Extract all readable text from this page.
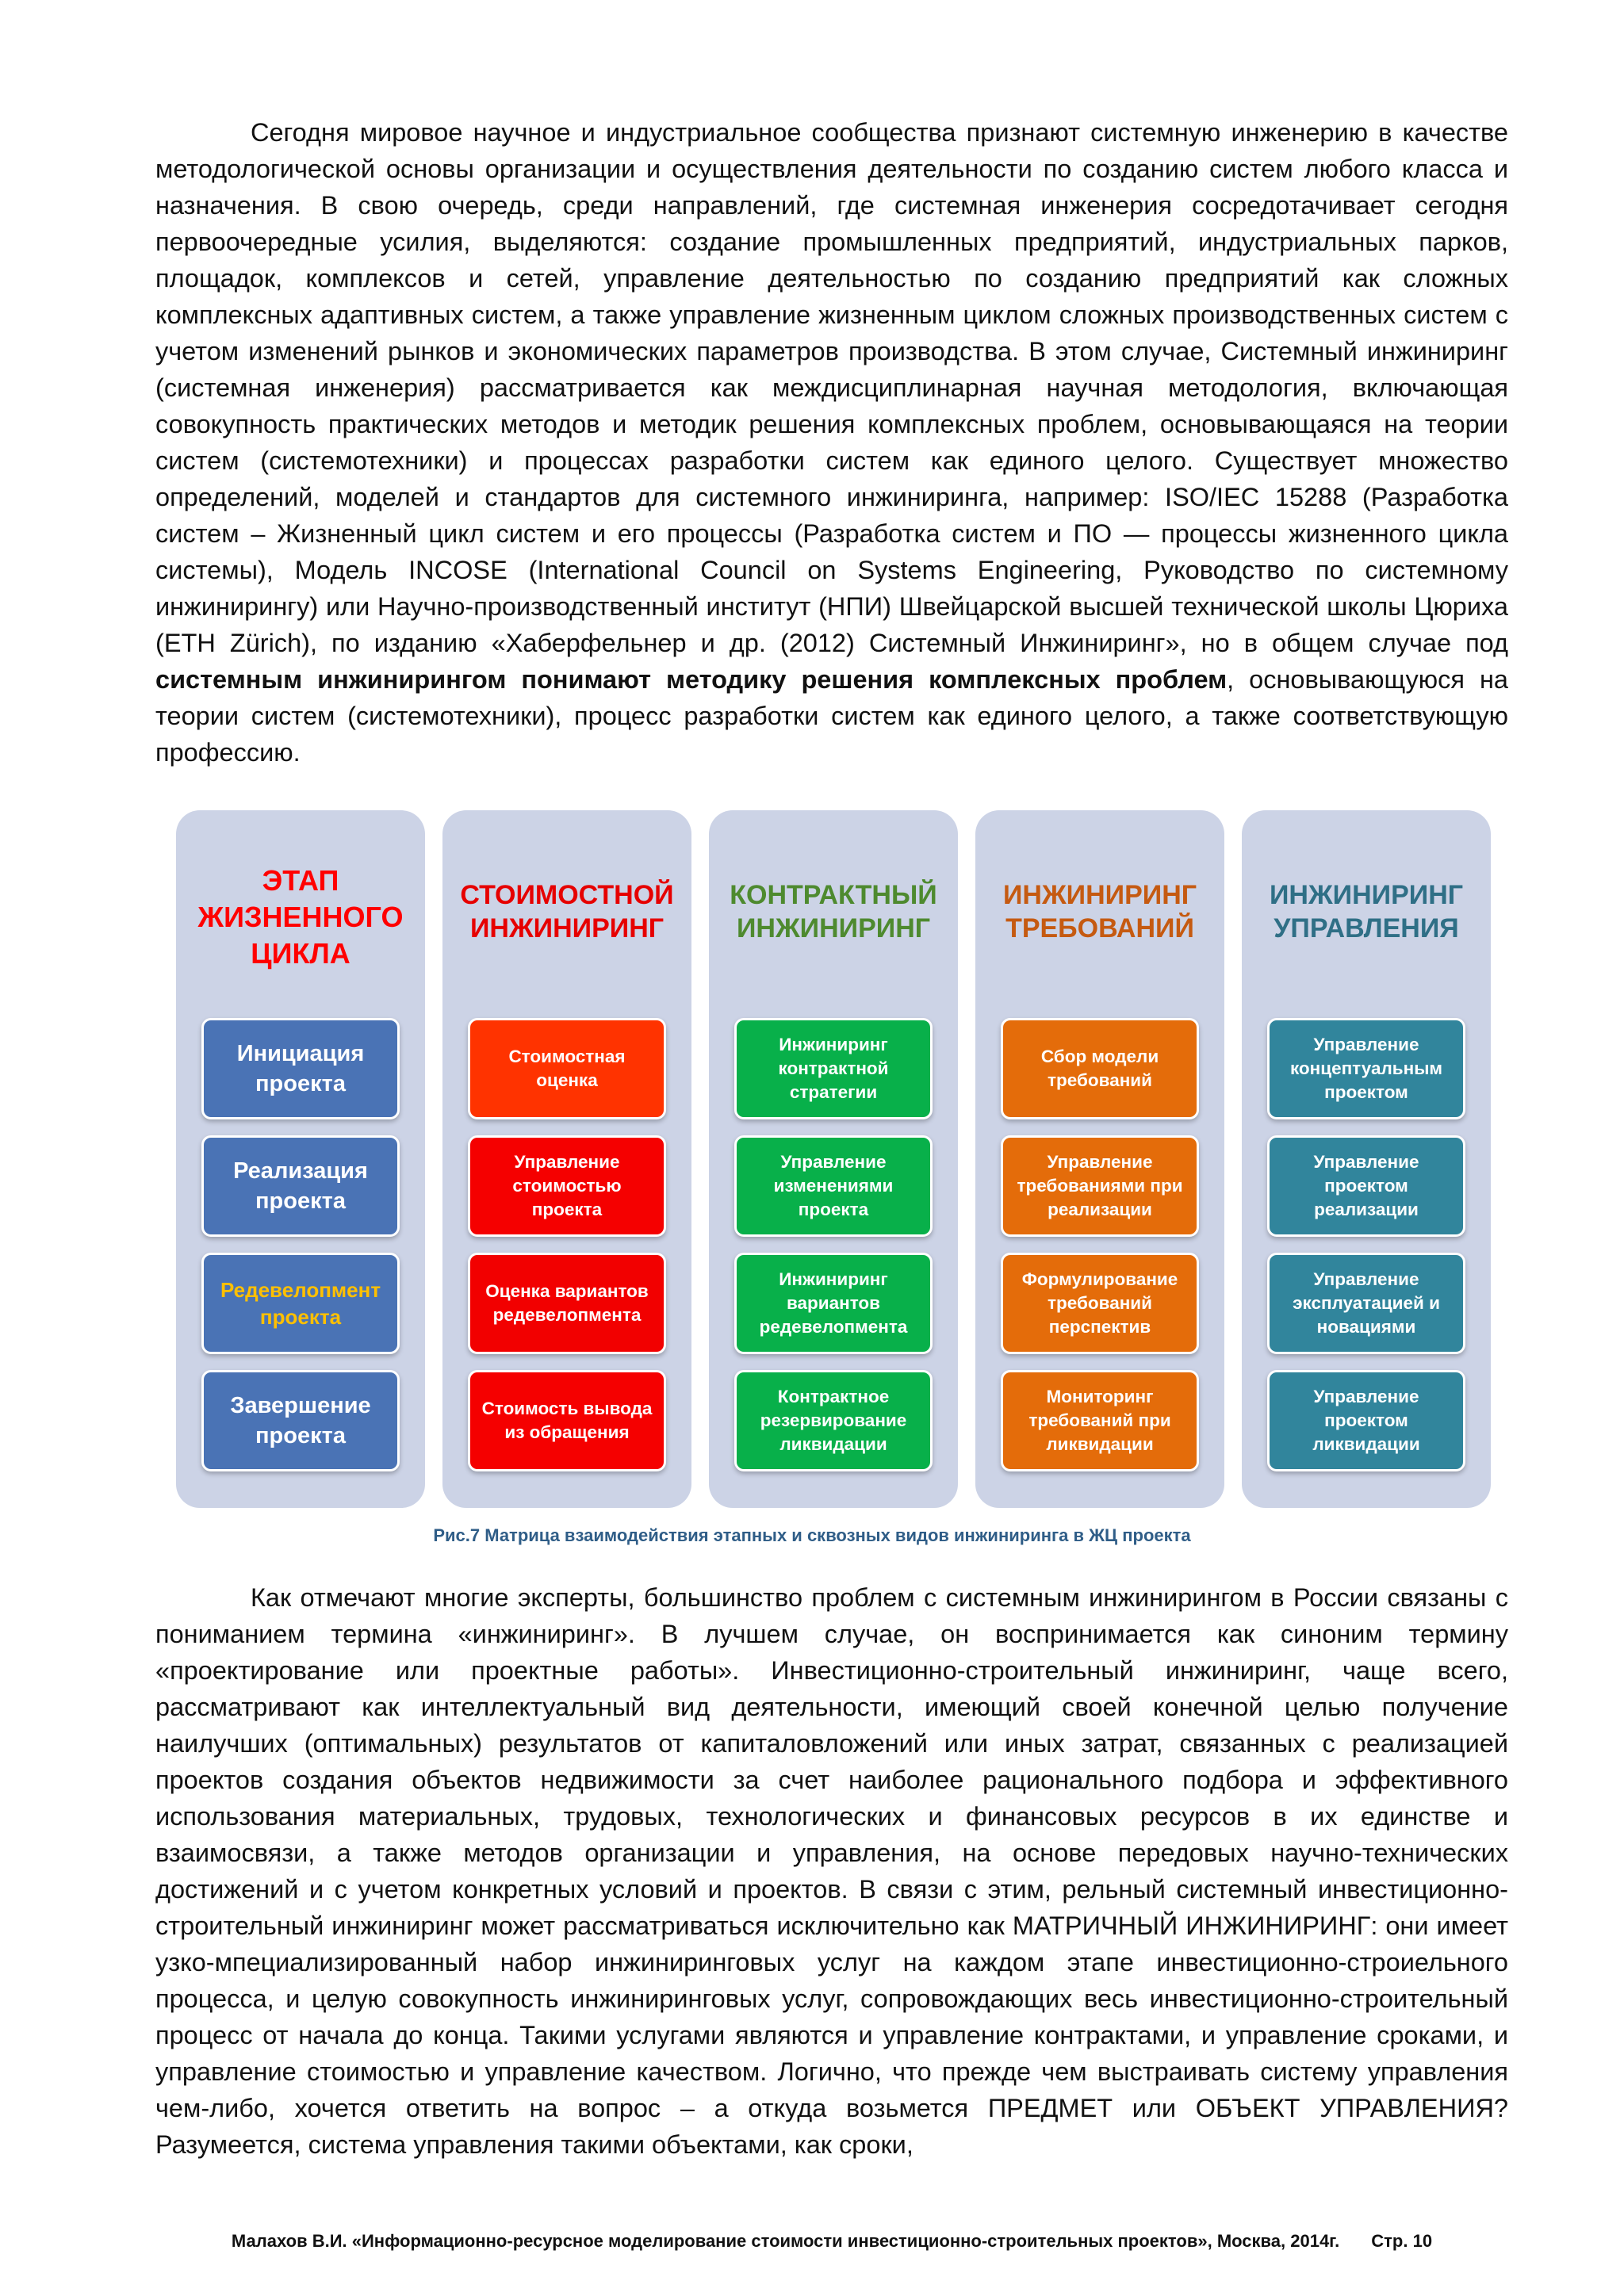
Сегодня мировое научное и индустриальное сообщества признают системную инженерию в качестве методологической основы организации и осуществления деятельности по созданию систем любого класса и назначения. В свою очередь, среди направлений, где системная инженерия сосредотачивает сегодня первоочередные усилия, выделяются: создание промышленных предприятий, индустриальных парков, площадок, комплексов и сетей, управление деятельностью по созданию предприятий как сложных комплексных адаптивных систем, а также управление жизненным циклом сложных производственных систем с учетом изменений рынков и экономических параметров производства. В этом случае, Системный инжиниринг (системная инженерия) рассматривается как междисциплинарная научная методология, включающая совокупность практических методов и методик решения комплексных проблем, основывающаяся на теории систем (системотехники) и процессах разработки систем как единого целого. Существует множество определений, моделей и стандартов для системного инжиниринга, например: ISO/IEC 15288 (Разработка систем – Жизненный цикл систем и его процессы (Разработка систем и ПО — процессы жизненного цикла системы), Модель INCOSE (International Council on Systems Engineering, Руководство по системному инжинирингу) или Научно-производственный институт (НПИ) Швейцарской высшей технической школы Цюриха (ETH Zürich), по изданию «Хаберфельнер и др. (2012) Системный Инжиниринг», но в общем случае под системным инжинирингом понимают методику решения комплексных проблем, основывающуюся на теории систем (системотехники), процесс разработки систем как единого целого, а также соответствующую профессию.

ЭТАП
ЖИЗНЕННОГО
ЦИКЛА
Инициация
проекта
Реализация
проекта
Редевелопмент
проекта
Завершение
проекта
СТОИМОСТНОЙ
ИНЖИНИРИНГ
Стоимостная
оценка
Управление
стоимостью
проекта
Оценка вариантов
редевелопмента
Стоимость вывода
из обращения
КОНТРАКТНЫЙ
ИНЖИНИРИНГ
Инжиниринг
контрактной
стратегии
Управление
изменениями
проекта
Инжиниринг
вариантов
редевелопмента
Контрактное
резервирование
ликвидации
ИНЖИНИРИНГ
ТРЕБОВАНИЙ
Сбор модели
требований
Управление
требованиями при
реализации
Формулирование
требований
перспектив
Мониторинг
требований при
ликвидации
ИНЖИНИРИНГ
УПРАВЛЕНИЯ
Управление
концептуальным
проектом
Управление
проектом
реализации
Управление
эксплуатацией и
новациями
Управление
проектом
ликвидации
Рис.7 Матрица взаимодействия этапных и сквозных видов инжиниринга в ЖЦ проекта

Как отмечают многие эксперты, большинство проблем с системным инжинирингом в России связаны с пониманием термина «инжиниринг». В лучшем случае, он воспринимается как синоним термину «проектирование или проектные работы». Инвестиционно-строительный инжиниринг, чаще всего, рассматривают как интеллектуальный вид деятельности, имеющий своей конечной целью получение наилучших (оптимальных) результатов от капиталовложений или иных затрат, связанных с реализацией проектов создания объектов недвижимости за счет наиболее рационального подбора и эффективного использования материальных, трудовых, технологических и финансовых ресурсов в их единстве и взаимосвязи, а также методов организации и управления, на основе передовых научно-технических достижений и с учетом конкретных условий и проектов. В связи с этим, рельный системный инвестиционно-строительный инжиниринг может рассматриваться исключительно как МАТРИЧНЫЙ ИНЖИНИРИНГ: они имеет узко-мпециализированный набор инжиниринговых услуг на каждом этапе инвестиционно-строиельного процесса, и целую совокупность инжиниринговых услуг, сопровождающих весь инвестиционно-строительный процесс от начала до конца. Такими услугами являются и управление контрактами, и управление сроками, и управление стоимостью и управление качеством. Логично, что прежде чем выстраивать систему управления чем-либо, хочется ответить на вопрос – а откуда возьмется ПРЕДМЕТ или ОБЪЕКТ УПРАВЛЕНИЯ? Разумеется, система управления такими объектами, как сроки,

Малахов В.И. «Информационно-ресурсное моделирование стоимости инвестиционно-строительных проектов», Москва, 2014г. Стр. 10
